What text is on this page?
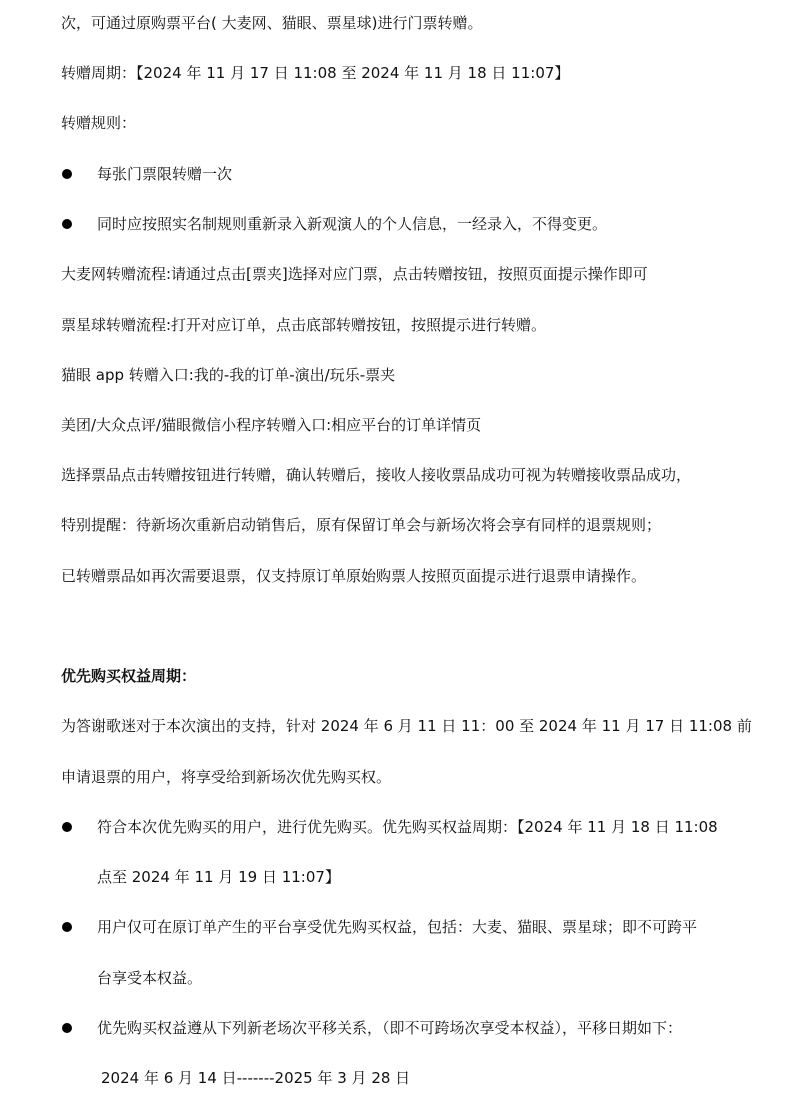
次，可通过原购票平台( 大麦网、猫眼、票星球)进行门票转赠。
转赠周期：【2024 年 11 月 17 日 11:08 至 2024 年 11 月 18 日 11:07】
转赠规则：
每张门票限转赠一次
同时应按照实名制规则重新录入新观演人的个人信息，一经录入，不得变更。
大麦网转赠流程:请通过点击[票夹]选择对应门票，点击转赠按钮，按照页面提示操作即可
票星球转赠流程:打开对应订单，点击底部转赠按钮，按照提示进行转赠。
猫眼 app 转赠入口:我的-我的订单-演出/玩乐-票夹
美团/大众点评/猫眼微信小程序转赠入口:相应平台的订单详情页
选择票品点击转赠按钮进行转赠，确认转赠后，接收人接收票品成功可视为转赠接收票品成功，
特别提醒：待新场次重新启动销售后，原有保留订单会与新场次将会享有同样的退票规则；
已转赠票品如再次需要退票，仅支持原订单原始购票人按照页面提示进行退票申请操作。
优先购买权益周期：
为答谢歌迷对于本次演出的支持，针对 2024 年 6 月 11 日 11：00 至 2024 年 11 月 17 日 11:08 前
申请退票的用户，将享受给到新场次优先购买权。
符合本次优先购买的用户，进行优先购买。优先购买权益周期：【2024 年 11 月 18 日 11:08
点至 2024 年 11 月 19 日 11:07】
用户仅可在原订单产生的平台享受优先购买权益，包括：大麦、猫眼、票星球；即不可跨平
台享受本权益。
优先购买权益遵从下列新老场次平移关系，（即不可跨场次享受本权益），平移日期如下：
2024 年 6 月 14 日-------2025 年 3 月 28 日
